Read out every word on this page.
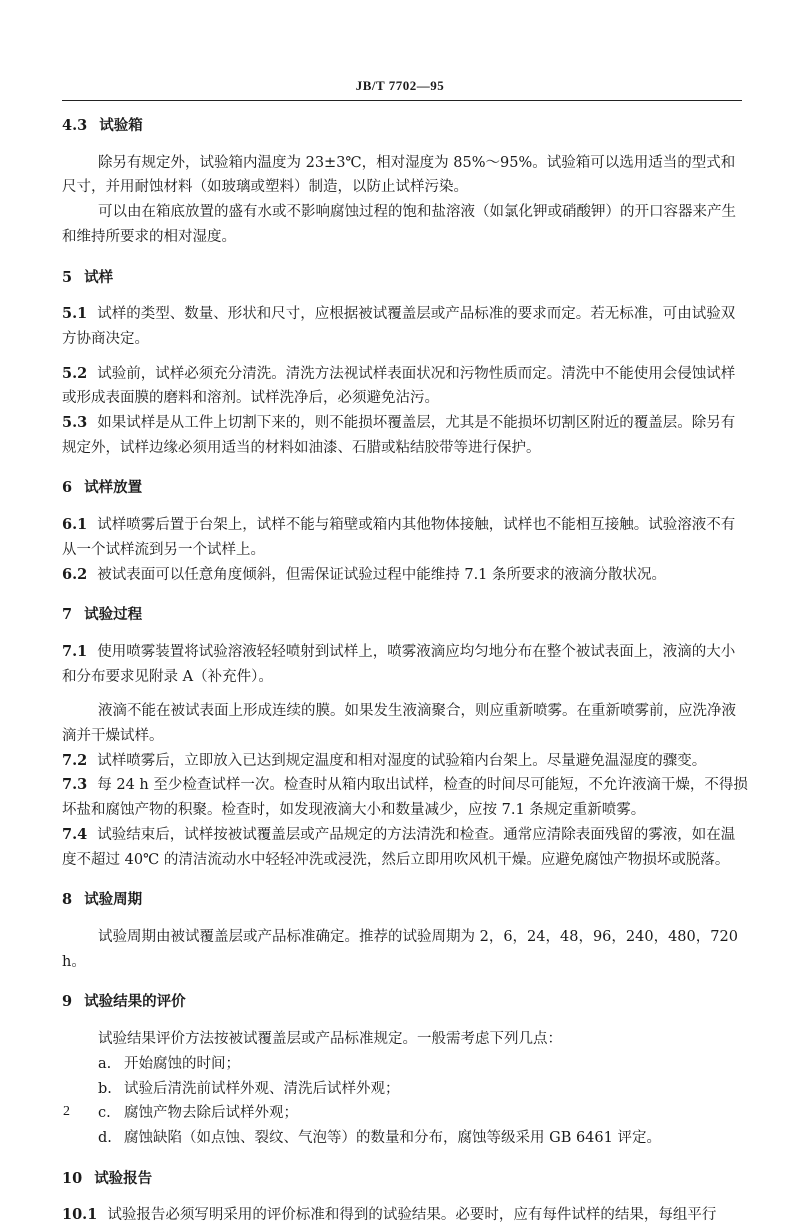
JB/T 7702—95

4.3 试验箱

除另有规定外，试验箱内温度为 23±3℃，相对湿度为 85%～95%。试验箱可以选用适当的型式和尺寸，并用耐蚀材料（如玻璃或塑料）制造，以防止试样污染。

可以由在箱底放置的盛有水或不影响腐蚀过程的饱和盐溶液（如氯化钾或硝酸钾）的开口容器来产生和维持所要求的相对湿度。

5 试样

5.1 试样的类型、数量、形状和尺寸，应根据被试覆盖层或产品标准的要求而定。若无标准，可由试验双方协商决定。

5.2 试验前，试样必须充分清洗。清洗方法视试样表面状况和污物性质而定。清洗中不能使用会侵蚀试样或形成表面膜的磨料和溶剂。试样洗净后，必须避免沾污。

5.3 如果试样是从工件上切割下来的，则不能损坏覆盖层，尤其是不能损坏切割区附近的覆盖层。除另有规定外，试样边缘必须用适当的材料如油漆、石腊或粘结胶带等进行保护。

6 试样放置

6.1 试样喷雾后置于台架上，试样不能与箱壁或箱内其他物体接触，试样也不能相互接触。试验溶液不有从一个试样流到另一个试样上。

6.2 被试表面可以任意角度倾斜，但需保证试验过程中能维持 7.1 条所要求的液滴分散状况。

7 试验过程

7.1 使用喷雾装置将试验溶液轻轻喷射到试样上，喷雾液滴应均匀地分布在整个被试表面上，液滴的大小和分布要求见附录 A（补充件）。

液滴不能在被试表面上形成连续的膜。如果发生液滴聚合，则应重新喷雾。在重新喷雾前，应洗净液滴并干燥试样。

7.2 试样喷雾后，立即放入已达到规定温度和相对湿度的试验箱内台架上。尽量避免温湿度的骤变。

7.3 每 24 h 至少检查试样一次。检查时从箱内取出试样，检查的时间尽可能短，不允许液滴干燥，不得损坏盐和腐蚀产物的积聚。检查时，如发现液滴大小和数量减少，应按 7.1 条规定重新喷雾。

7.4 试验结束后，试样按被试覆盖层或产品规定的方法清洗和检查。通常应清除表面残留的雾液，如在温度不超过 40℃ 的清洁流动水中轻轻冲洗或浸洗，然后立即用吹风机干燥。应避免腐蚀产物损坏或脱落。

8 试验周期

试验周期由被试覆盖层或产品标准确定。推荐的试验周期为 2，6，24，48，96，240，480，720 h。

9 试验结果的评价

试验结果评价方法按被试覆盖层或产品标准规定。一般需考虑下列几点：

a. 开始腐蚀的时间；

b. 试验后清洗前试样外观、清洗后试样外观；

c. 腐蚀产物去除后试样外观；

d. 腐蚀缺陷（如点蚀、裂纹、气泡等）的数量和分布，腐蚀等级采用 GB 6461 评定。

10 试验报告

10.1 试验报告必须写明采用的评价标准和得到的试验结果。必要时，应有每件试样的结果，每组平行

2
